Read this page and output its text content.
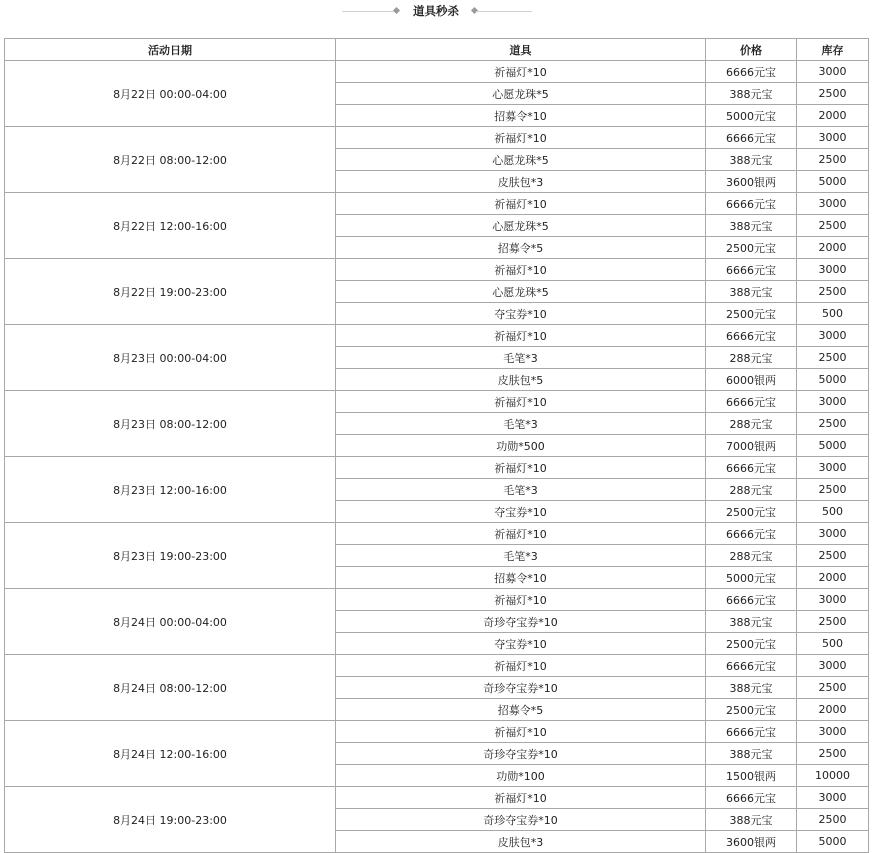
道具秒杀
活动日期	道具	价格	库存
8月22日 00:00-04:00	祈福灯*10	6666元宝	3000
	心愿龙珠*5	388元宝	2500
	招募令*10	5000元宝	2000
8月22日 08:00-12:00	祈福灯*10	6666元宝	3000
	心愿龙珠*5	388元宝	2500
	皮肤包*3	3600银两	5000
8月22日 12:00-16:00	祈福灯*10	6666元宝	3000
	心愿龙珠*5	388元宝	2500
	招募令*5	2500元宝	2000
8月22日 19:00-23:00	祈福灯*10	6666元宝	3000
	心愿龙珠*5	388元宝	2500
	夺宝券*10	2500元宝	500
8月23日 00:00-04:00	祈福灯*10	6666元宝	3000
	毛笔*3	288元宝	2500
	皮肤包*5	6000银两	5000
8月23日 08:00-12:00	祈福灯*10	6666元宝	3000
	毛笔*3	288元宝	2500
	功勋*500	7000银两	5000
8月23日 12:00-16:00	祈福灯*10	6666元宝	3000
	毛笔*3	288元宝	2500
	夺宝券*10	2500元宝	500
8月23日 19:00-23:00	祈福灯*10	6666元宝	3000
	毛笔*3	288元宝	2500
	招募令*10	5000元宝	2000
8月24日 00:00-04:00	祈福灯*10	6666元宝	3000
	奇珍夺宝券*10	388元宝	2500
	夺宝券*10	2500元宝	500
8月24日 08:00-12:00	祈福灯*10	6666元宝	3000
	奇珍夺宝券*10	388元宝	2500
	招募令*5	2500元宝	2000
8月24日 12:00-16:00	祈福灯*10	6666元宝	3000
	奇珍夺宝券*10	388元宝	2500
	功勋*100	1500银两	10000
8月24日 19:00-23:00	祈福灯*10	6666元宝	3000
	奇珍夺宝券*10	388元宝	2500
	皮肤包*3	3600银两	5000
